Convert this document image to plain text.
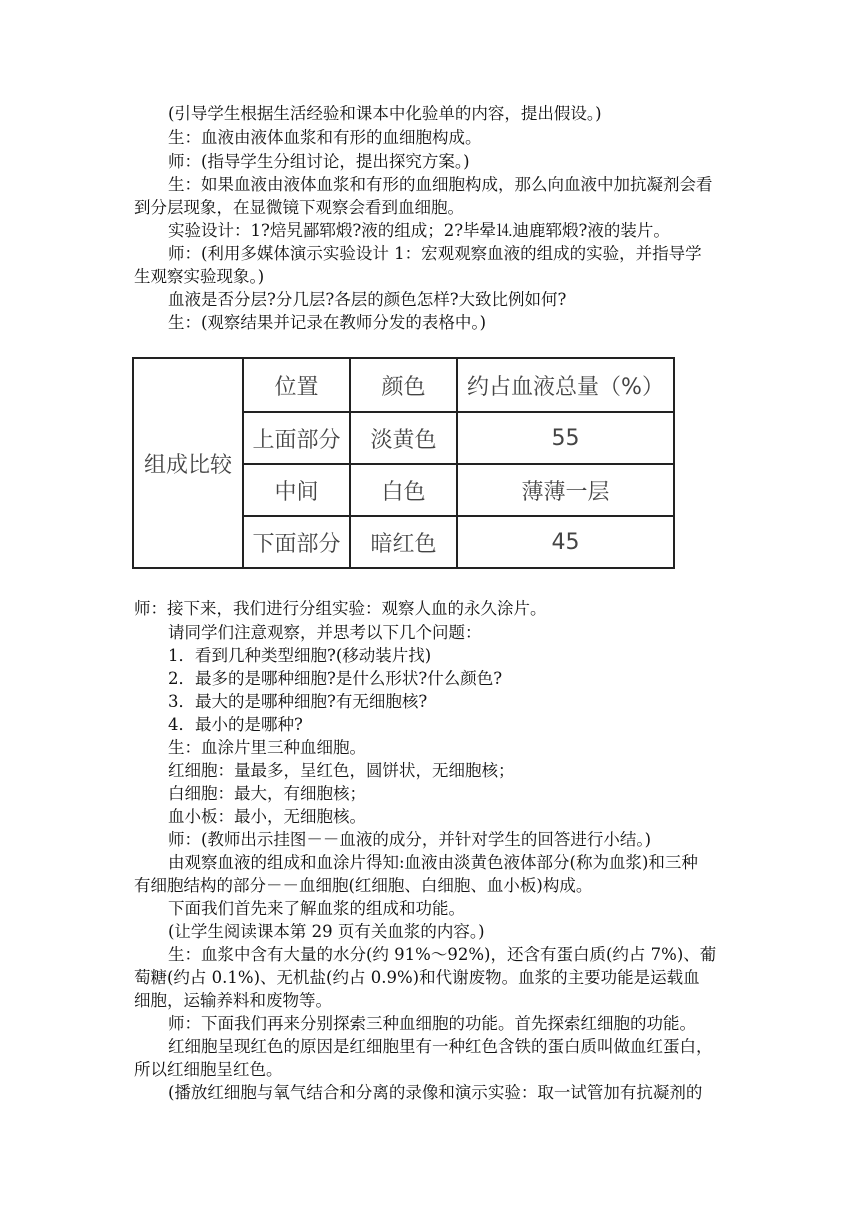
(引导学生根据生活经验和课本中化验单的内容，提出假设。)
生：血液由液体血浆和有形的血细胞构成。
师：(指导学生分组讨论，提出探究方案。)
生：如果血液由液体血浆和有形的血细胞构成，那么向血液中加抗凝剂会看
到分层现象，在显微镜下观察会看到血细胞。
实验设计：1?焙旯鄙郓煅?液的组成；2?毕晕⒕迪鹿郓煅?液的装片。
师：(利用多媒体演示实验设计 1：宏观观察血液的组成的实验，并指导学
生观察实验现象。)
血液是否分层?分几层?各层的颜色怎样?大致比例如何?
生：(观察结果并记录在教师分发的表格中。)
组成比较
位置	颜色	约占血液总量（%）
上面部分	淡黄色	55
中间	白色	薄薄一层
下面部分	暗红色	45
师：接下来，我们进行分组实验：观察人血的永久涂片。
请同学们注意观察，并思考以下几个问题：
1．看到几种类型细胞?(移动装片找)
2．最多的是哪种细胞?是什么形状?什么颜色?
3．最大的是哪种细胞?有无细胞核?
4．最小的是哪种?
生：血涂片里三种血细胞。
红细胞：量最多，呈红色，圆饼状，无细胞核；
白细胞：最大，有细胞核；
血小板：最小，无细胞核。
师：(教师出示挂图－－血液的成分，并针对学生的回答进行小结。)
由观察血液的组成和血涂片得知:血液由淡黄色液体部分(称为血浆)和三种
有细胞结构的部分－－血细胞(红细胞、白细胞、血小板)构成。
下面我们首先来了解血浆的组成和功能。
(让学生阅读课本第 29 页有关血浆的内容。)
生：血浆中含有大量的水分(约 91%～92%)，还含有蛋白质(约占 7%)、葡
萄糖(约占 0.1%)、无机盐(约占 0.9%)和代谢废物。血浆的主要功能是运载血
细胞，运输养料和废物等。
师：下面我们再来分别探索三种血细胞的功能。首先探索红细胞的功能。
红细胞呈现红色的原因是红细胞里有一种红色含铁的蛋白质叫做血红蛋白，
所以红细胞呈红色。
(播放红细胞与氧气结合和分离的录像和演示实验：取一试管加有抗凝剂的
